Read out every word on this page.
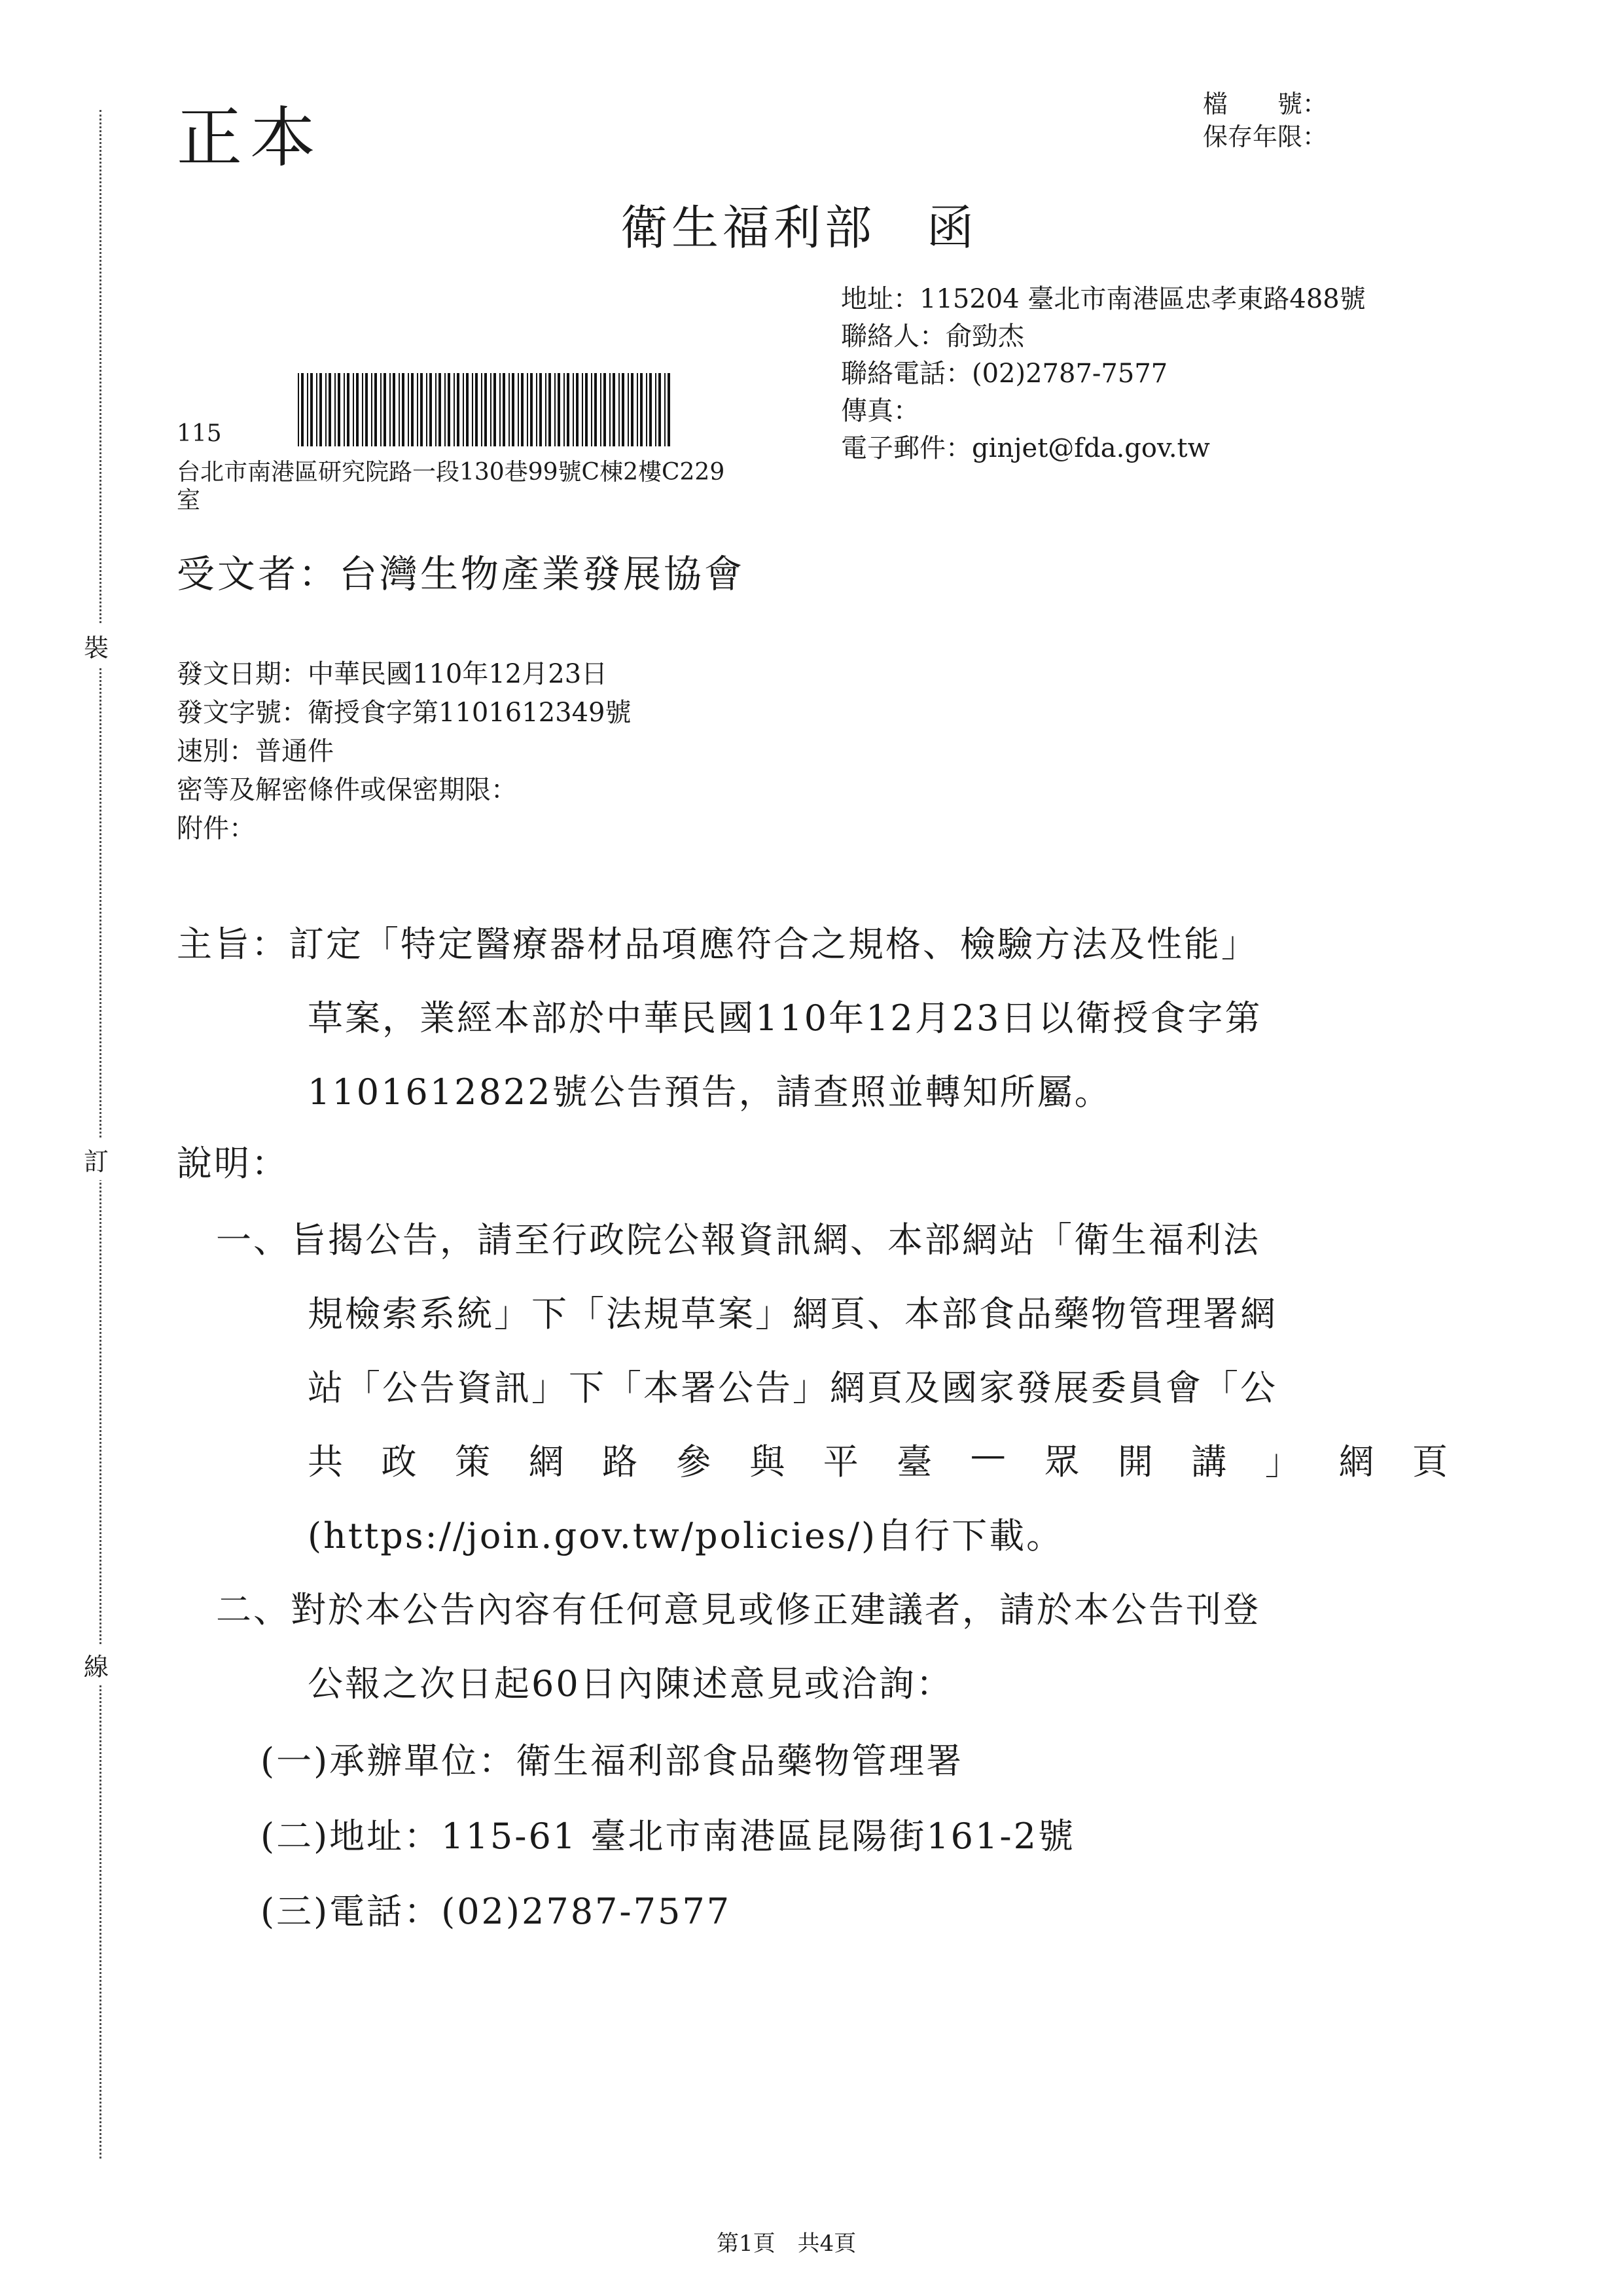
裝
訂
線
正本	檔　　號：
保存年限：
衛生福利部　函
地址：115204 臺北市南港區忠孝東路488號
聯絡人：俞勁杰
聯絡電話：(02)2787-7577
傳真：
電子郵件：ginjet@fda.gov.tw
115
台北市南港區研究院路一段130巷99號C棟2樓C229
室
受文者：台灣生物產業發展協會
發文日期：中華民國110年12月23日
發文字號：衛授食字第1101612349號
速別：普通件
密等及解密條件或保密期限：
附件：
主旨：訂定「特定醫療器材品項應符合之規格、檢驗方法及性能」
草案，業經本部於中華民國110年12月23日以衛授食字第
1101612822號公告預告，請查照並轉知所屬。
說明：
一、旨揭公告，請至行政院公報資訊網、本部網站「衛生福利法
規檢索系統」下「法規草案」網頁、本部食品藥物管理署網
站「公告資訊」下「本署公告」網頁及國家發展委員會「公
共 政 策 網 路 參 與 平 臺 — 眾 開 講 」 網 頁
(https://join.gov.tw/policies/)自行下載。
二、對於本公告內容有任何意見或修正建議者，請於本公告刊登
公報之次日起60日內陳述意見或洽詢：
(一)承辦單位：衛生福利部食品藥物管理署
(二)地址：115-61 臺北市南港區昆陽街161-2號
(三)電話：(02)2787-7577
第1頁　共4頁
